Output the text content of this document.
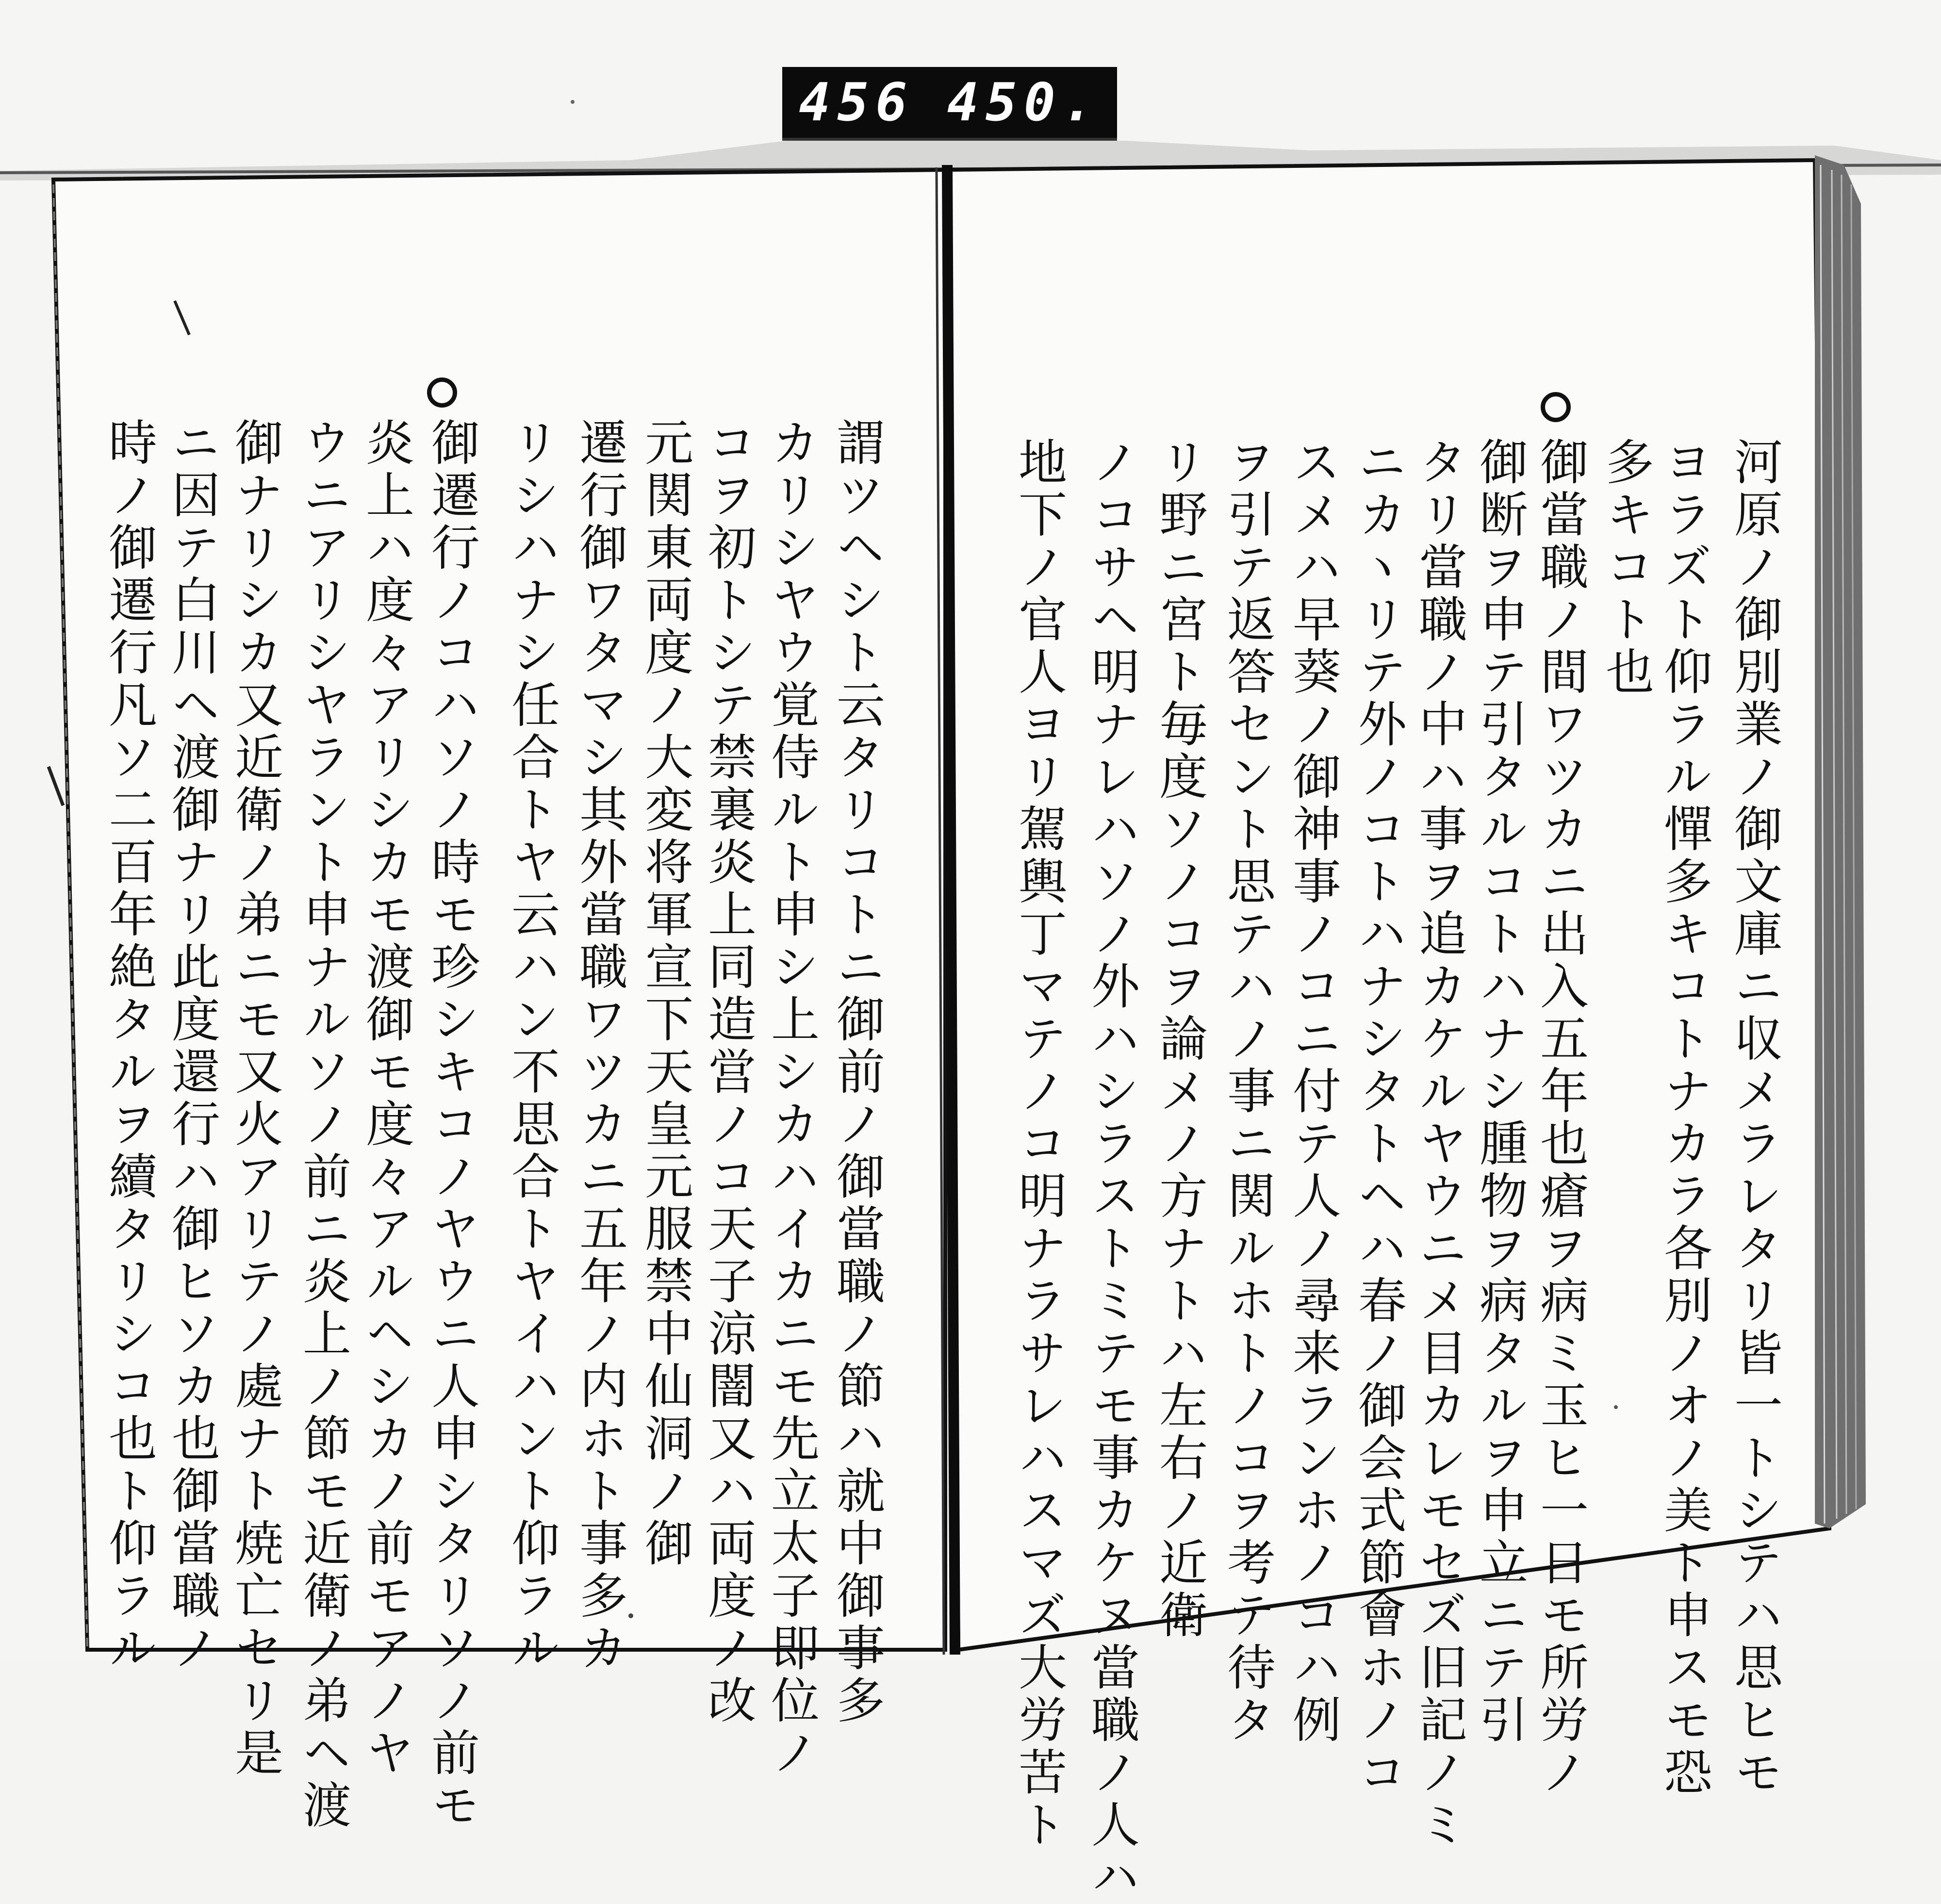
456 450.
河原ノ御別業ノ御文庫ニ収メラレタリ皆一トシテハ思ヒモ
ヨラズト仰ラル憚多キコトナカラ各別ノオノ美ト申スモ恐
多キコト也
御當職ノ間ワツカニ出入五年也瘡ヲ病ミ玉ヒ一日モ所労ノ
御断ヲ申テ引タルコトハナシ腫物ヲ病タルヲ申立ニテ引
タリ當職ノ中ハ事ヲ追カケルヤウニメ目カレモセズ旧記ノミ
ニカヽリテ外ノコトハナシタトヘハ春ノ御会式節會ホノコ
スメハ早葵ノ御神事ノコニ付テ人ノ尋来ランホノコハ例
ヲ引テ返答セント思テハノ事ニ関ルホトノコヲ考テ待タ
リ野ニ宮ト毎度ソノコヲ論メノ方ナトハ左右ノ近衛
ノコサヘ明ナレハソノ外ハシラストミテモ事カケヌ當職ノ人ハ
地下ノ官人ヨリ駕輿丁マテノコ明ナラサレハスマズ大労苦ト
謂ツヘシト云タリコトニ御前ノ御當職ノ節ハ就中御事多
カリシヤウ覚侍ルト申シ上シカハイカニモ先立太子即位ノ
コヲ初トシテ禁裏炎上同造営ノコ天子涼闇又ハ両度ノ改
元関東両度ノ大変将軍宣下天皇元服禁中仙洞ノ御
遷行御ワタマシ其外當職ワツカニ五年ノ内ホト事多カ
リシハナシ任合トヤ云ハン不思合トヤイハント仰ラル
御遷行ノコハソノ時モ珍シキコノヤウニ人申シタリソノ前モ
炎上ハ度々アリシカモ渡御モ度々アルヘシカノ前モアノヤ
ウニアリシヤラント申ナルソノ前ニ炎上ノ節モ近衛ノ弟ヘ渡
御ナリシカ又近衛ノ弟ニモ又火アリテノ處ナト焼亡セリ是
ニ因テ白川ヘ渡御ナリ此度還行ハ御ヒソカ也御當職ノ
時ノ御遷行凡ソ二百年絶タルヲ續タリシコ也ト仰ラル
